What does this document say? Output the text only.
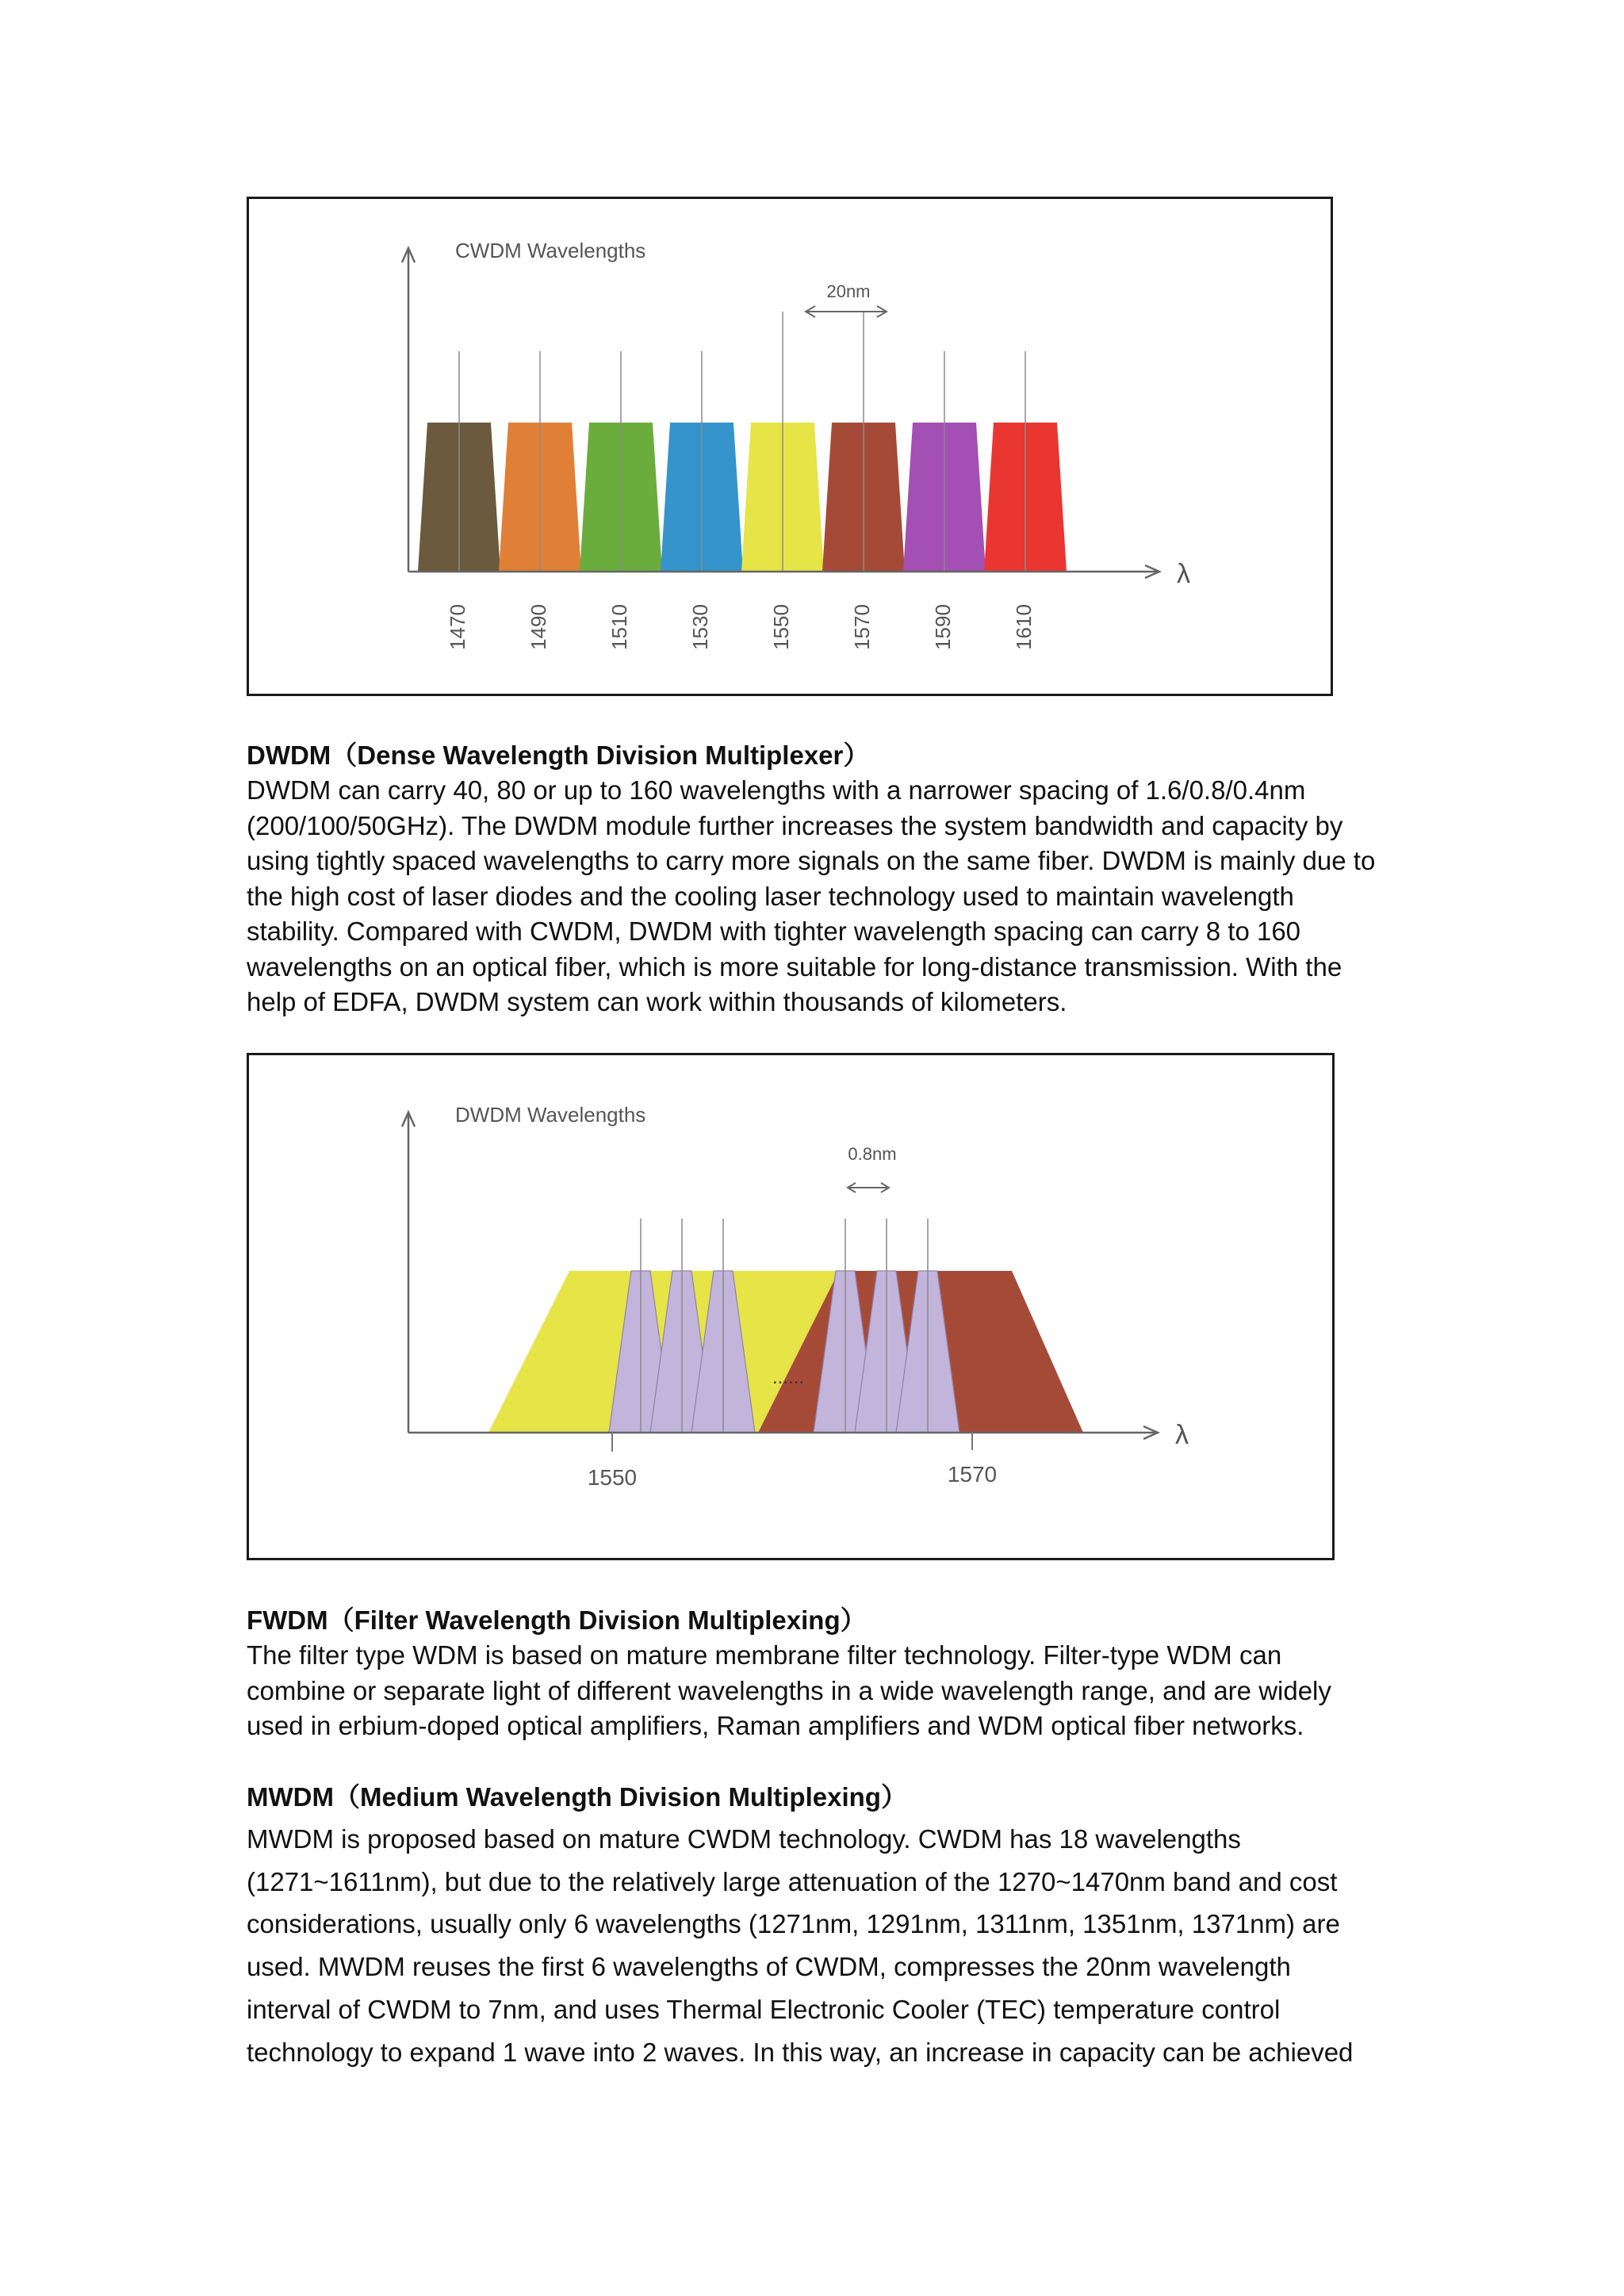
λ
CWDM Wavelengths
20nm
1470	1490	1510	1530	1550	1570	1590	1610
DWDM（Dense Wavelength Division Multiplexer）
DWDM can carry 40, 80 or up to 160 wavelengths with a narrower spacing of 1.6/0.8/0.4nm
(200/100/50GHz). The DWDM module further increases the system bandwidth and capacity by
using tightly spaced wavelengths to carry more signals on the same fiber. DWDM is mainly due to
the high cost of laser diodes and the cooling laser technology used to maintain wavelength
stability. Compared with CWDM, DWDM with tighter wavelength spacing can carry 8 to 160
wavelengths on an optical fiber, which is more suitable for long-distance transmission. With the
help of EDFA, DWDM system can work within thousands of kilometers.
......
λ
DWDM Wavelengths
0.8nm
1550	1570
FWDM（Filter Wavelength Division Multiplexing）
The filter type WDM is based on mature membrane filter technology. Filter-type WDM can
combine or separate light of different wavelengths in a wide wavelength range, and are widely
used in erbium-doped optical amplifiers, Raman amplifiers and WDM optical fiber networks.
MWDM（Medium Wavelength Division Multiplexing）
MWDM is proposed based on mature CWDM technology. CWDM has 18 wavelengths
(1271~1611nm), but due to the relatively large attenuation of the 1270~1470nm band and cost
considerations, usually only 6 wavelengths (1271nm, 1291nm, 1311nm, 1351nm, 1371nm) are
used. MWDM reuses the first 6 wavelengths of CWDM, compresses the 20nm wavelength
interval of CWDM to 7nm, and uses Thermal Electronic Cooler (TEC) temperature control
technology to expand 1 wave into 2 waves. In this way, an increase in capacity can be achieved
